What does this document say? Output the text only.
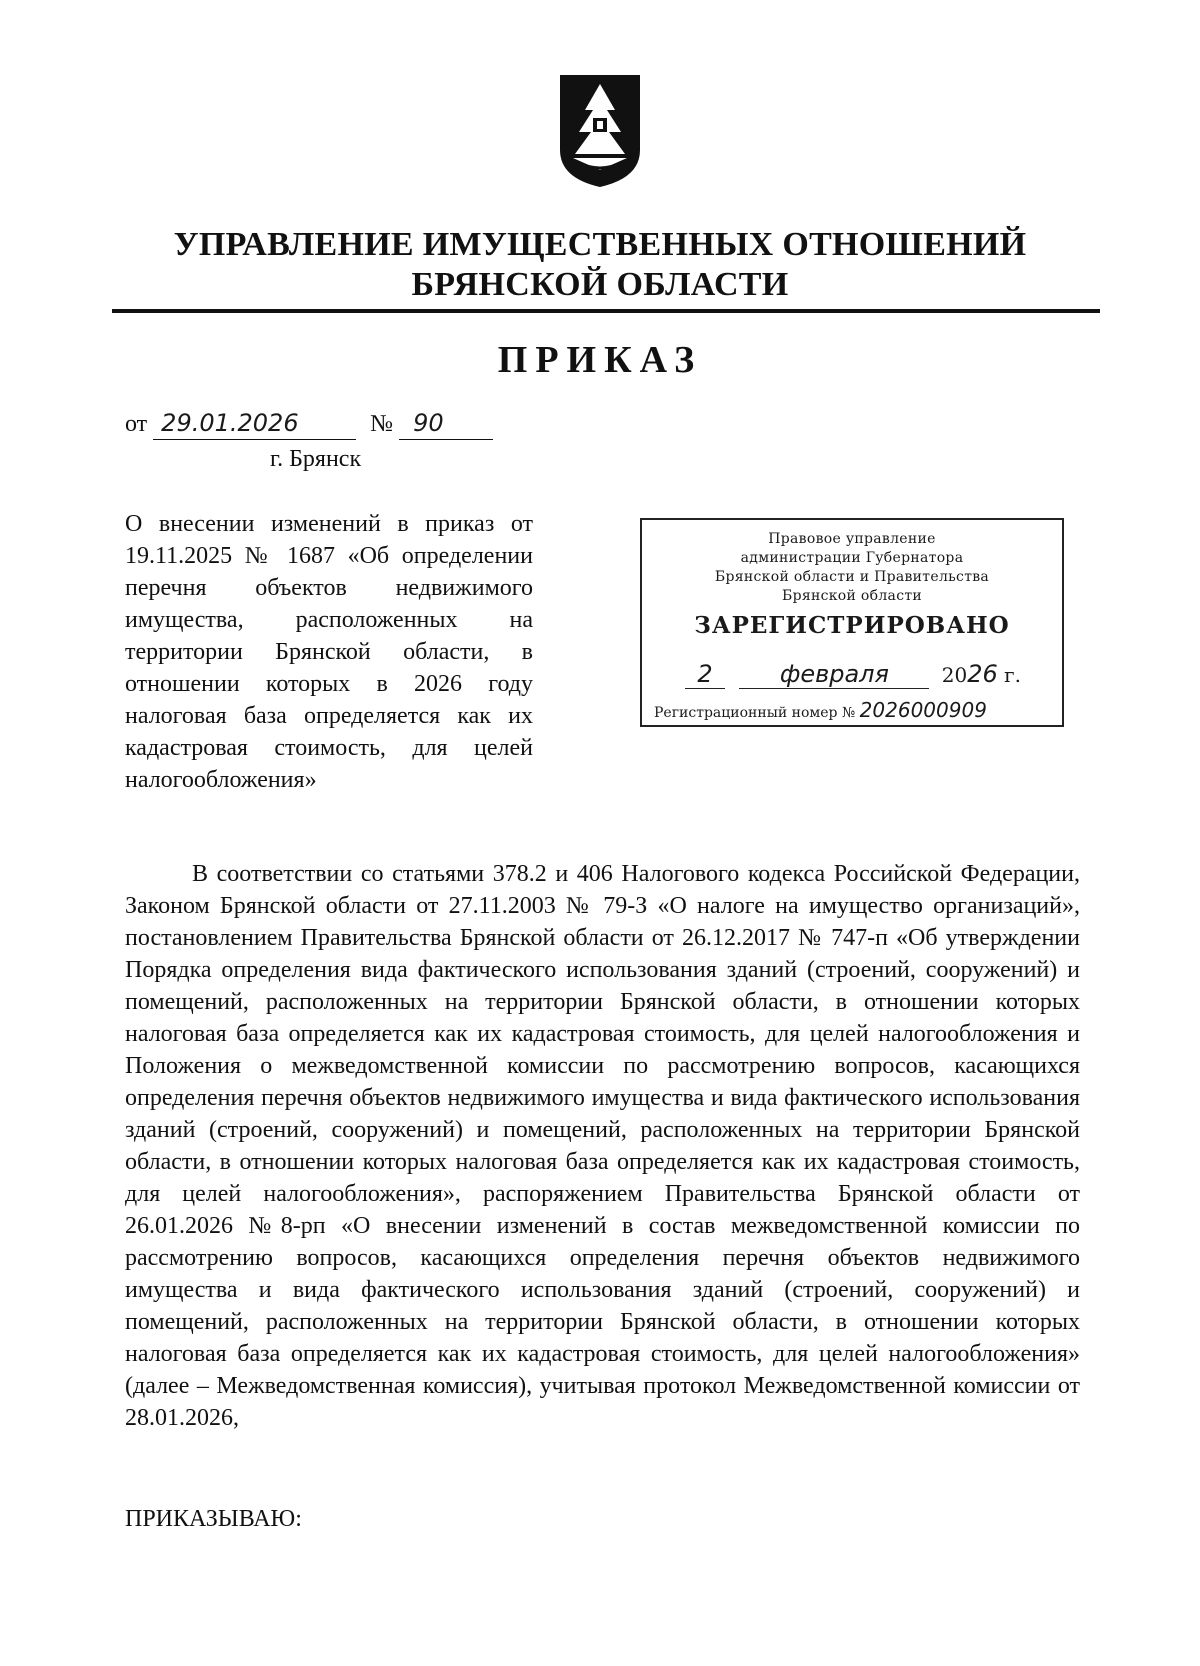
УПРАВЛЕНИЕ ИМУЩЕСТВЕННЫХ ОТНОШЕНИЙ
БРЯНСКОЙ ОБЛАСТИ
ПРИКАЗ
от 29.01.2026	№ 90
г. Брянск
О внесении изменений в приказ от 19.11.2025 № 1687 «Об определении перечня объектов недвижимого имущества, расположенных на территории Брянской области, в отношении которых в 2026 году налоговая база определяется как их кадастровая стоимость, для целей налогообложения»
Правовое управление
администрации Губернатора
Брянской области и Правительства
Брянской области
ЗАРЕГИСТРИРОВАНО
2	февраля	2026 г.
Регистрационный номер № 2026000909

В соответствии со статьями 378.2 и 406 Налогового кодекса Российской Федерации, Законом Брянской области от 27.11.2003 № 79-З «О налоге на имущество организаций», постановлением Правительства Брянской области от 26.12.2017 № 747-п «Об утверждении Порядка определения вида фактического использования зданий (строений, сооружений) и помещений, расположенных на территории Брянской области, в отношении которых налоговая база определяется как их кадастровая стоимость, для целей налогообложения и Положения о межведомственной комиссии по рассмотрению вопросов, касающихся определения перечня объектов недвижимого имущества и вида фактического использования зданий (строений, сооружений) и помещений, расположенных на территории Брянской области, в отношении которых налоговая база определяется как их кадастровая стоимость, для целей налогообложения», распоряжением Правительства Брянской области от 26.01.2026 №8-рп «О внесении изменений в состав межведомственной комиссии по рассмотрению вопросов, касающихся определения перечня объектов недвижимого имущества и вида фактического использования зданий (строений, сооружений) и помещений, расположенных на территории Брянской области, в отношении которых налоговая база определяется как их кадастровая стоимость, для целей налогообложения» (далее – Межведомственная комиссия), учитывая протокол Межведомственной комиссии от 28.01.2026,

ПРИКАЗЫВАЮ:
